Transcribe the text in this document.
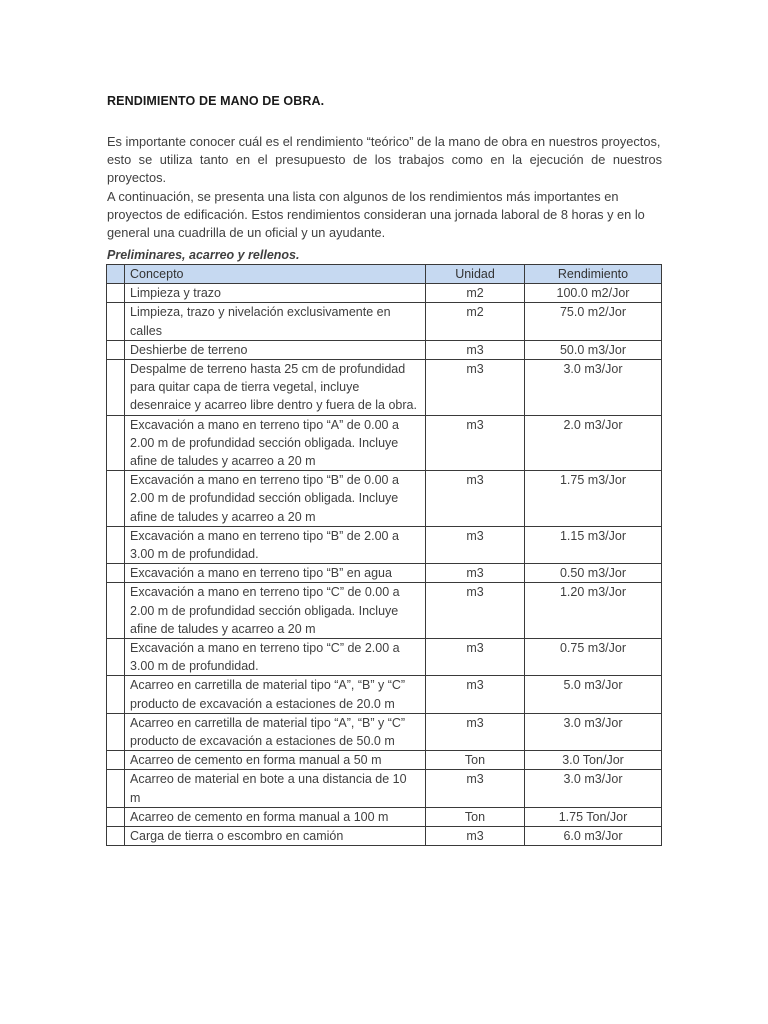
RENDIMIENTO DE MANO DE OBRA.
Es importante conocer cuál es el rendimiento “teórico” de la mano de obra en nuestros proyectos,
esto se utiliza tanto en el presupuesto de los trabajos como en la ejecución de nuestros proyectos.
A continuación, se presenta una lista con algunos de los rendimientos más importantes en
proyectos de edificación. Estos rendimientos consideran una jornada laboral de 8 horas y en lo
general una cuadrilla de un oficial y un ayudante.
Preliminares, acarreo y rellenos.
	Concepto	Unidad	Rendimiento
	Limpieza y trazo	m2	100.0 m2/Jor
	Limpieza, trazo y nivelación exclusivamente en calles	m2	75.0 m2/Jor
	Deshierbe de terreno	m3	50.0 m3/Jor
	Despalme de terreno hasta 25 cm de profundidad para quitar capa de tierra vegetal, incluye desenraice y acarreo libre dentro y fuera de la obra.	m3	3.0 m3/Jor
	Excavación a mano en terreno tipo “A” de 0.00 a 2.00 m de profundidad sección obligada. Incluye afine de taludes y acarreo a 20 m	m3	2.0 m3/Jor
	Excavación a mano en terreno tipo “B” de 0.00 a 2.00 m de profundidad sección obligada. Incluye afine de taludes y acarreo a 20 m	m3	1.75 m3/Jor
	Excavación a mano en terreno tipo “B” de 2.00 a 3.00 m de profundidad.	m3	1.15 m3/Jor
	Excavación a mano en terreno tipo “B” en agua	m3	0.50 m3/Jor
	Excavación a mano en terreno tipo “C” de 0.00 a 2.00 m de profundidad sección obligada. Incluye afine de taludes y acarreo a 20 m	m3	1.20 m3/Jor
	Excavación a mano en terreno tipo “C” de 2.00 a 3.00 m de profundidad.	m3	0.75 m3/Jor
	Acarreo en carretilla de material tipo “A”, “B” y “C” producto de excavación a estaciones de 20.0 m	m3	5.0 m3/Jor
	Acarreo en carretilla de material tipo “A”, “B” y “C” producto de excavación a estaciones de 50.0 m	m3	3.0 m3/Jor
	Acarreo de cemento en forma manual a 50 m	Ton	3.0 Ton/Jor
	Acarreo de material en bote a una distancia de 10 m	m3	3.0 m3/Jor
	Acarreo de cemento en forma manual a 100 m	Ton	1.75 Ton/Jor
	Carga de tierra o escombro en camión	m3	6.0 m3/Jor
